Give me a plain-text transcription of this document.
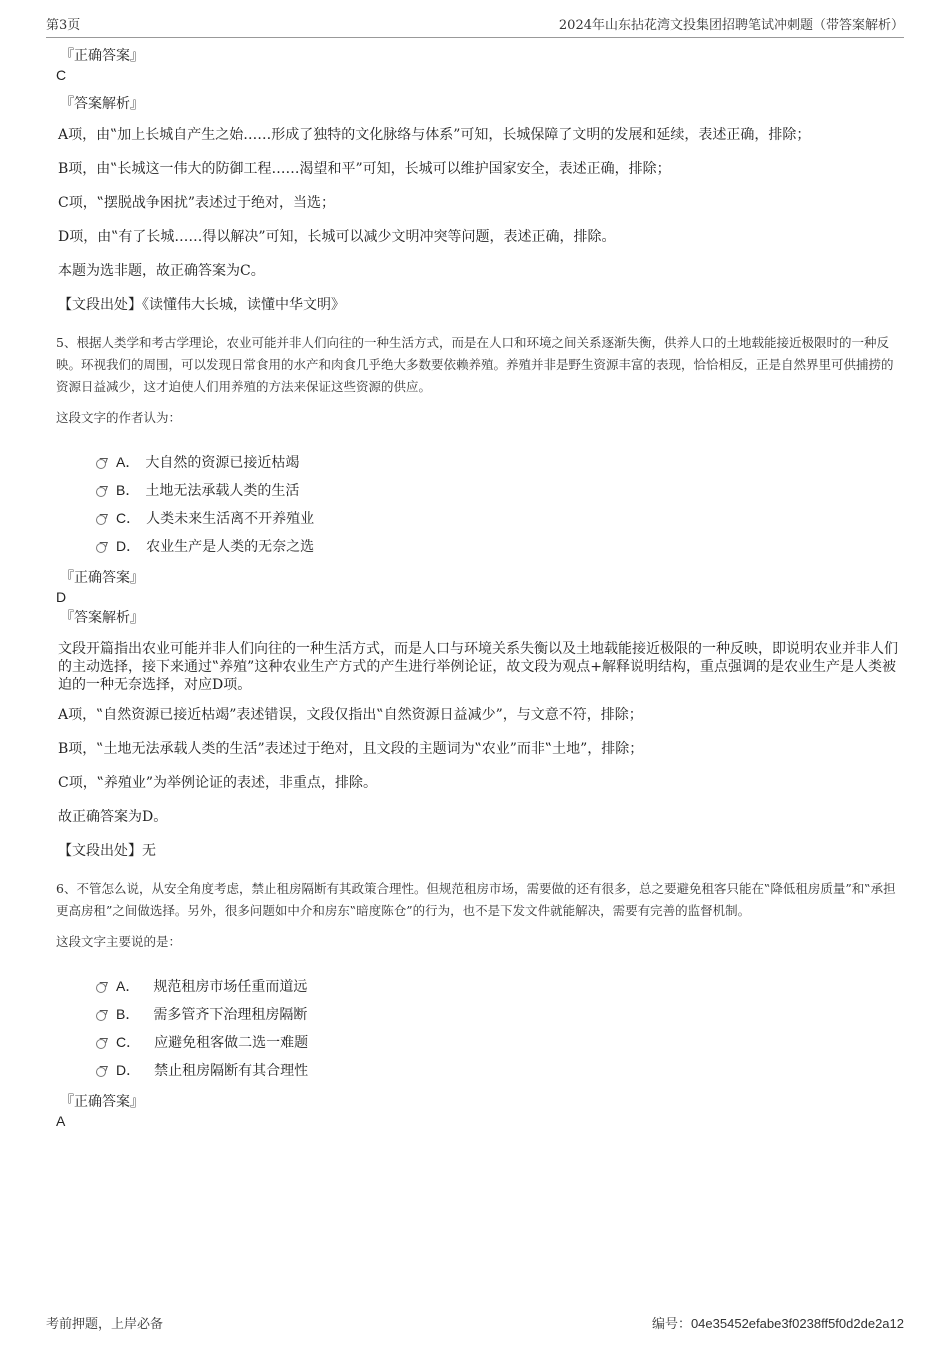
第3页	2024年山东拈花湾文投集团招聘笔试冲刺题（带答案解析）
『正确答案』
C
『答案解析』
A项，由‟加上长城自产生之始……形成了独特的文化脉络与体系”可知，长城保障了文明的发展和延续，表述正确，排除；
B项，由‟长城这一伟大的防御工程……渴望和平”可知，长城可以维护国家安全，表述正确，排除；
C项，‟摆脱战争困扰”表述过于绝对，当选；
D项，由‟有了长城……得以解决”可知，长城可以减少文明冲突等问题，表述正确，排除。
本题为选非题，故正确答案为C。
【文段出处】《读懂伟大长城，读懂中华文明》
5、根据人类学和考古学理论，农业可能并非人们向往的一种生活方式，而是在人口和环境之间关系逐渐失衡，供养人口的土地载能接近极限时的一种反映。环视我们的周围，可以发现日常食用的水产和肉食几乎绝大多数要依赖养殖。养殖并非是野生资源丰富的表现，恰恰相反，正是自然界里可供捕捞的资源日益减少，这才迫使人们用养殖的方法来保证这些资源的供应。
这段文字的作者认为：
A． 大自然的资源已接近枯竭
B． 土地无法承载人类的生活
C． 人类未来生活离不开养殖业
D． 农业生产是人类的无奈之选
『正确答案』
D
『答案解析』
文段开篇指出农业可能并非人们向往的一种生活方式，而是人口与环境关系失衡以及土地载能接近极限的一种反映，即说明农业并非人们的主动选择，接下来通过‟养殖”这种农业生产方式的产生进行举例论证，故文段为观点+解释说明结构，重点强调的是农业生产是人类被迫的一种无奈选择，对应D项。
A项，‟自然资源已接近枯竭”表述错误，文段仅指出‟自然资源日益减少”，与文意不符，排除；
B项，‟土地无法承载人类的生活”表述过于绝对，且文段的主题词为‟农业”而非‟土地”，排除；
C项，‟养殖业”为举例论证的表述，非重点，排除。
故正确答案为D。
【文段出处】无
6、不管怎么说，从安全角度考虑，禁止租房隔断有其政策合理性。但规范租房市场，需要做的还有很多，总之要避免租客只能在‟降低租房质量”和‟承担更高房租”之间做选择。另外，很多问题如中介和房东‟暗度陈仓”的行为，也不是下发文件就能解决，需要有完善的监督机制。
这段文字主要说的是：
A． 规范租房市场任重而道远
B． 需多管齐下治理租房隔断
C． 应避免租客做二选一难题
D． 禁止租房隔断有其合理性
『正确答案』
A
考前押题，上岸必备	编号：04e35452efabe3f0238ff5f0d2de2a12
